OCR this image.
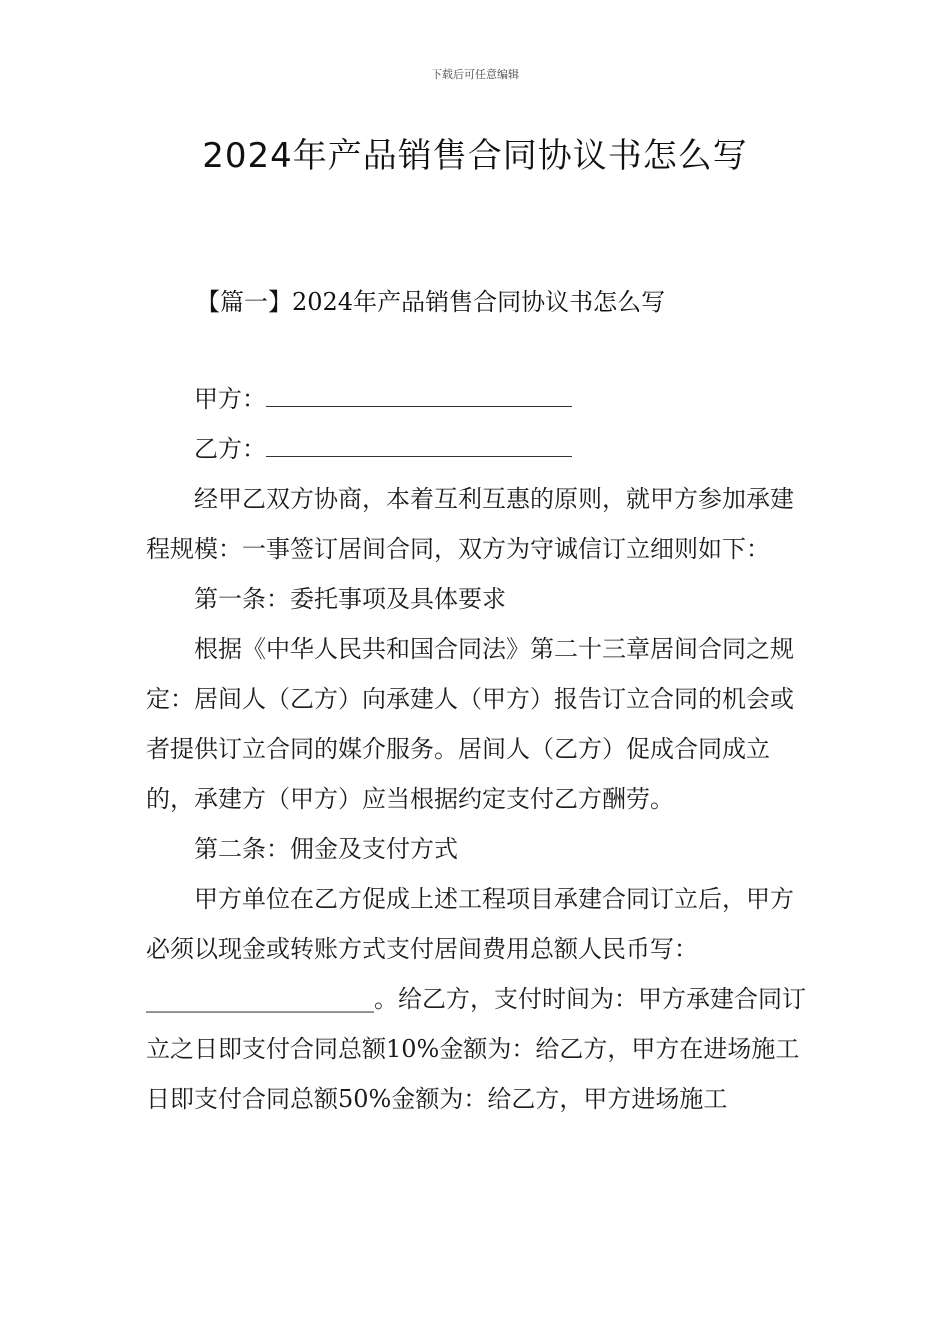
下载后可任意编辑
2024年产品销售合同协议书怎么写
【篇一】2024年产品销售合同协议书怎么写

甲方：

乙方：

经甲乙双方协商，本着互利互惠的原则，就甲方参加承建程规模：一事签订居间合同，双方为守诚信订立细则如下：

第一条：委托事项及具体要求

根据《中华人民共和国合同法》第二十三章居间合同之规定：居间人（乙方）向承建人（甲方）报告订立合同的机会或者提供订立合同的媒介服务。居间人（乙方）促成合同成立的，承建方（甲方）应当根据约定支付乙方酬劳。

第二条：佣金及支付方式

甲方单位在乙方促成上述工程项目承建合同订立后，甲方必须以现金或转账方式支付居间费用总额人民币写：___________________。给乙方，支付时间为：甲方承建合同订立之日即支付合同总额10%金额为：给乙方，甲方在进场施工日即支付合同总额50%金额为：给乙方，甲方进场施工
